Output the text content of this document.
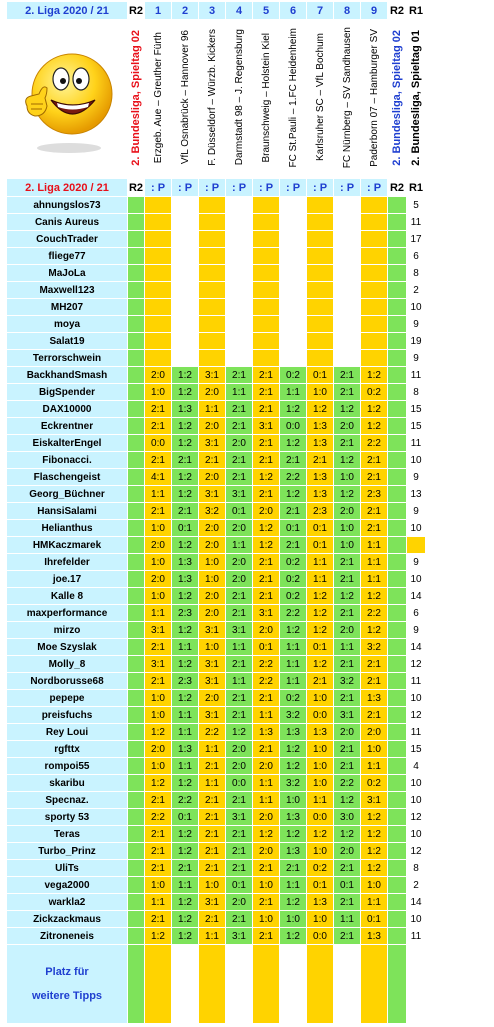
2. Liga 2020 / 21	R2	1	2	3	4	5	6	7	8	9	R2	R1

	2. Bundesliga, Spieltag 02	Erzgeb. Aue – Greuther Fürth	VfL Osnabrück – Hannover 96	F. Düsseldorf – Würzb. Kickers	Darmstadt 98 – J. Regensburg	Braunschweig – Holstein Kiel	FC St.Pauli – 1.FC Heidenheim	Karlsruher SC – VfL Bochum	FC Nürnberg – SV Sandhausen	Paderborn 07 – Hamburger SV	2. Bundesliga, Spieltag 02	2. Bundesliga, Spieltag 01
2. Liga 2020 / 21	R2	: P	: P	: P	: P	: P	: P	: P	: P	: P	R2	R1
ahnungslos73												5
Canis Aureus												11
CouchTrader												17
fliege77												6
MaJoLa												8
Maxwell123												2
MH207												10
moya												9
Salat19												19
Terrorschwein												9
BackhandSmash		2:0	1:2	3:1	2:1	2:1	0:2	0:1	2:1	1:2		11
BigSpender		1:0	1:2	2:0	1:1	2:1	1:1	1:0	2:1	0:2		8
DAX10000		2:1	1:3	1:1	2:1	2:1	1:2	1:2	1:2	1:2		15
Eckrentner		2:1	1:2	2:0	2:1	3:1	0:0	1:3	2:0	1:2		15
EiskalterEngel		0:0	1:2	3:1	2:0	2:1	1:2	1:3	2:1	2:2		11
Fibonacci.		2:1	2:1	2:1	2:1	2:1	2:1	2:1	1:2	2:1		10
Flaschengeist		4:1	1:2	2:0	2:1	1:2	2:2	1:3	1:0	2:1		9
Georg_Büchner		1:1	1:2	3:1	3:1	2:1	1:2	1:3	1:2	2:3		13
HansiSalami		2:1	2:1	3:2	0:1	2:0	2:1	2:3	2:0	2:1		9
Helianthus		1:0	0:1	2:0	2:0	1:2	0:1	0:1	1:0	2:1		10
HMKaczmarek		2:0	1:2	2:0	1:1	1:2	2:1	0:1	1:0	1:1		
Ihrefelder		1:0	1:3	1:0	2:0	2:1	0:2	1:1	2:1	1:1		9
joe.17		2:0	1:3	1:0	2:0	2:1	0:2	1:1	2:1	1:1		10
Kalle 8		1:0	1:2	2:0	2:1	2:1	0:2	1:2	1:2	1:2		14
maxperformance		1:1	2:3	2:0	2:1	3:1	2:2	1:2	2:1	2:2		6
mirzo		3:1	1:2	3:1	3:1	2:0	1:2	1:2	2:0	1:2		9
Moe Szyslak		2:1	1:1	1:0	1:1	0:1	1:1	0:1	1:1	3:2		14
Molly_8		3:1	1:2	3:1	2:1	2:2	1:1	1:2	2:1	2:1		12
Nordborusse68		2:1	2:3	3:1	1:1	2:2	1:1	2:1	3:2	2:1		11
pepepe		1:0	1:2	2:0	2:1	2:1	0:2	1:0	2:1	1:3		10
preisfuchs		1:0	1:1	3:1	2:1	1:1	3:2	0:0	3:1	2:1		12
Rey Loui		1:2	1:1	2:2	1:2	1:3	1:3	1:3	2:0	2:0		11
rgfttx		2:0	1:3	1:1	2:0	2:1	1:2	1:0	2:1	1:0		15
rompoi55		1:0	1:1	2:1	2:0	2:0	1:2	1:0	2:1	1:1		4
skaribu		1:2	1:2	1:1	0:0	1:1	3:2	1:0	2:2	0:2		10
Specnaz.		2:1	2:2	2:1	2:1	1:1	1:0	1:1	1:2	3:1		10
sporty 53		2:2	0:1	2:1	3:1	2:0	1:3	0:0	3:0	1:2		12
Teras		2:1	1:2	2:1	2:1	1:2	1:2	1:2	1:2	1:2		10
Turbo_Prinz		2:1	1:2	2:1	2:1	2:0	1:3	1:0	2:0	1:2		12
UliTs		2:1	2:1	2:1	2:1	2:1	2:1	0:2	2:1	1:2		8
vega2000		1:0	1:1	1:0	0:1	1:0	1:1	0:1	0:1	1:0		2
warkla2		1:1	1:2	3:1	2:0	2:1	1:2	1:3	2:1	1:1		14
Zickzackmaus		2:1	1:2	2:1	2:1	1:0	1:0	1:0	1:1	0:1		10
Zitroneneis		1:2	1:2	1:1	3:1	2:1	1:2	0:0	2:1	1:3		11
Platz für

weitere Tipps												
